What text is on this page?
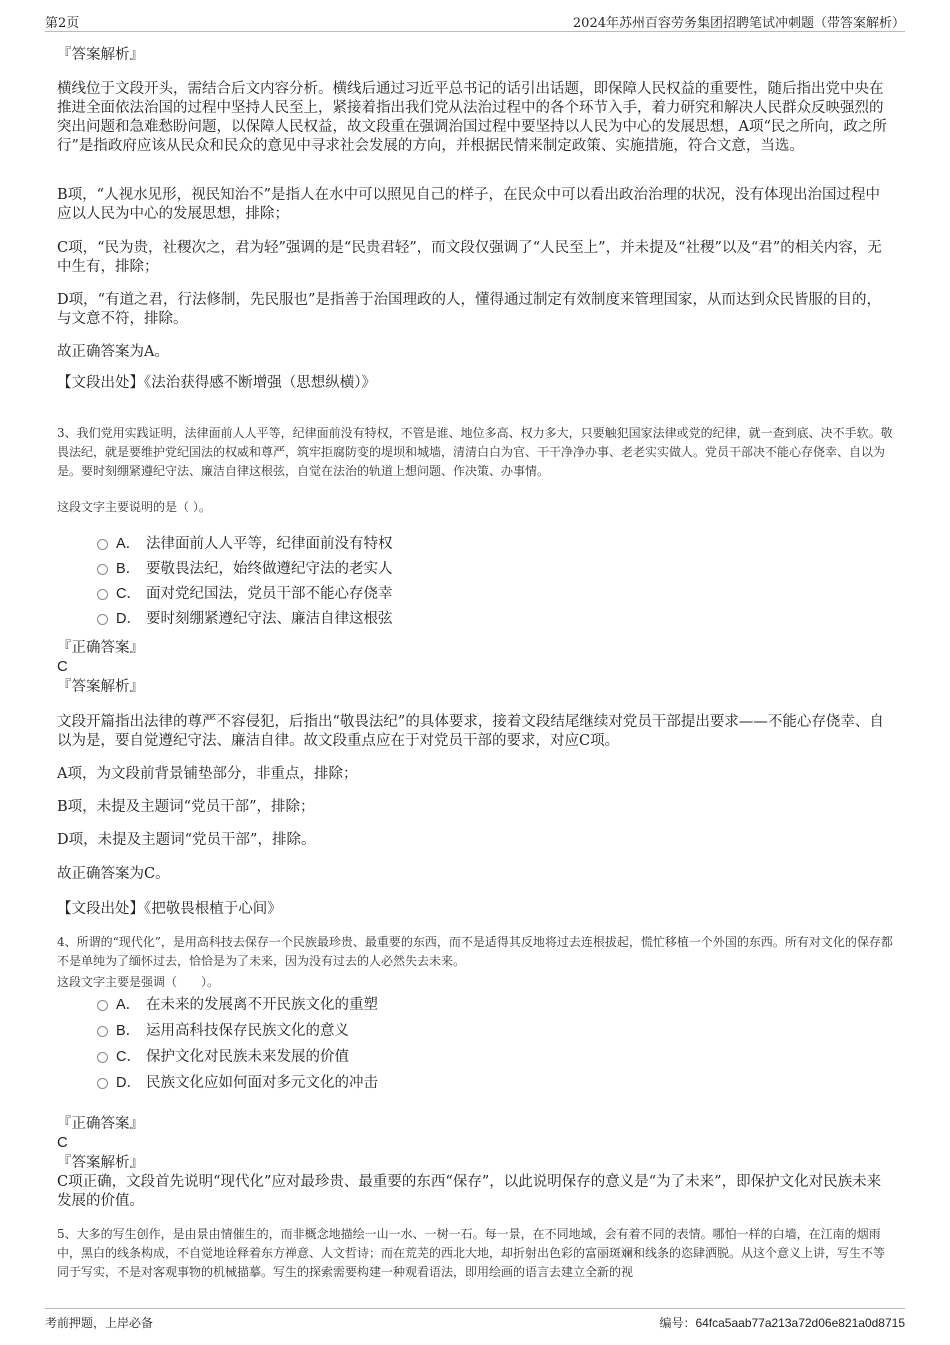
第2页	2024年苏州百容劳务集团招聘笔试冲刺题（带答案解析）
『答案解析』
横线位于文段开头，需结合后文内容分析。横线后通过习近平总书记的话引出话题，即保障人民权益的重要性，随后指出党中央在推进全面依法治国的过程中坚持人民至上，紧接着指出我们党从法治过程中的各个环节入手，着力研究和解决人民群众反映强烈的突出问题和急难愁盼问题，以保障人民权益，故文段重在强调治国过程中要坚持以人民为中心的发展思想，A项“民之所向，政之所行”是指政府应该从民众和民众的意见中寻求社会发展的方向，并根据民情来制定政策、实施措施，符合文意，当选。
B项，“人视水见形，视民知治不”是指人在水中可以照见自己的样子，在民众中可以看出政治治理的状况，没有体现出治国过程中应以人民为中心的发展思想，排除；
C项，“民为贵，社稷次之，君为轻”强调的是“民贵君轻”，而文段仅强调了“人民至上”，并未提及“社稷”以及“君”的相关内容，无中生有，排除；
D项，“有道之君，行法修制，先民服也”是指善于治国理政的人，懂得通过制定有效制度来管理国家，从而达到众民皆服的目的，与文意不符，排除。
故正确答案为A。
【文段出处】《法治获得感不断增强（思想纵横）》
3、我们党用实践证明，法律面前人人平等，纪律面前没有特权，不管是谁、地位多高、权力多大，只要触犯国家法律或党的纪律，就一查到底、决不手软。敬畏法纪，就是要维护党纪国法的权威和尊严，筑牢拒腐防变的堤坝和城墙，清清白白为官、干干净净办事、老老实实做人。党员干部决不能心存侥幸、自以为是。要时刻绷紧遵纪守法、廉洁自律这根弦，自觉在法治的轨道上想问题、作决策、办事情。
这段文字主要说明的是（ ）。
A． 法律面前人人平等，纪律面前没有特权
B． 要敬畏法纪，始终做遵纪守法的老实人
C． 面对党纪国法，党员干部不能心存侥幸
D． 要时刻绷紧遵纪守法、廉洁自律这根弦
『正确答案』
C
『答案解析』
文段开篇指出法律的尊严不容侵犯，后指出“敬畏法纪”的具体要求，接着文段结尾继续对党员干部提出要求——不能心存侥幸、自以为是，要自觉遵纪守法、廉洁自律。故文段重点应在于对党员干部的要求，对应C项。
A项，为文段前背景铺垫部分，非重点，排除；
B项，未提及主题词“党员干部”，排除；
D项，未提及主题词“党员干部”，排除。
故正确答案为C。
【文段出处】《把敬畏根植于心间》
4、所谓的“现代化”，是用高科技去保存一个民族最珍贵、最重要的东西，而不是适得其反地将过去连根拔起，慌忙移植一个外国的东西。所有对文化的保存都不是单纯为了缅怀过去，恰恰是为了未来，因为没有过去的人必然失去未来。
这段文字主要是强调（　　）。
A． 在未来的发展离不开民族文化的重塑
B． 运用高科技保存民族文化的意义
C． 保护文化对民族未来发展的价值
D． 民族文化应如何面对多元文化的冲击
『正确答案』
C
『答案解析』
C项正确，文段首先说明“现代化”应对最珍贵、最重要的东西“保存”，以此说明保存的意义是“为了未来”，即保护文化对民族未来发展的价值。
5、大多的写生创作，是由景由情催生的，而非概念地描绘一山一水、一树一石。每一景，在不同地域，会有着不同的表情。哪怕一样的白墙，在江南的烟雨中，黑白的线条构成，不自觉地诠释着东方禅意、人文哲诗；而在荒芜的西北大地，却折射出色彩的富丽斑斓和线条的恣肆洒脱。从这个意义上讲，写生不等同于写实，不是对客观事物的机械描摹。写生的探索需要构建一种观看语法，即用绘画的语言去建立全新的视
考前押题，上岸必备	编号：64fca5aab77a213a72d06e821a0d8715
